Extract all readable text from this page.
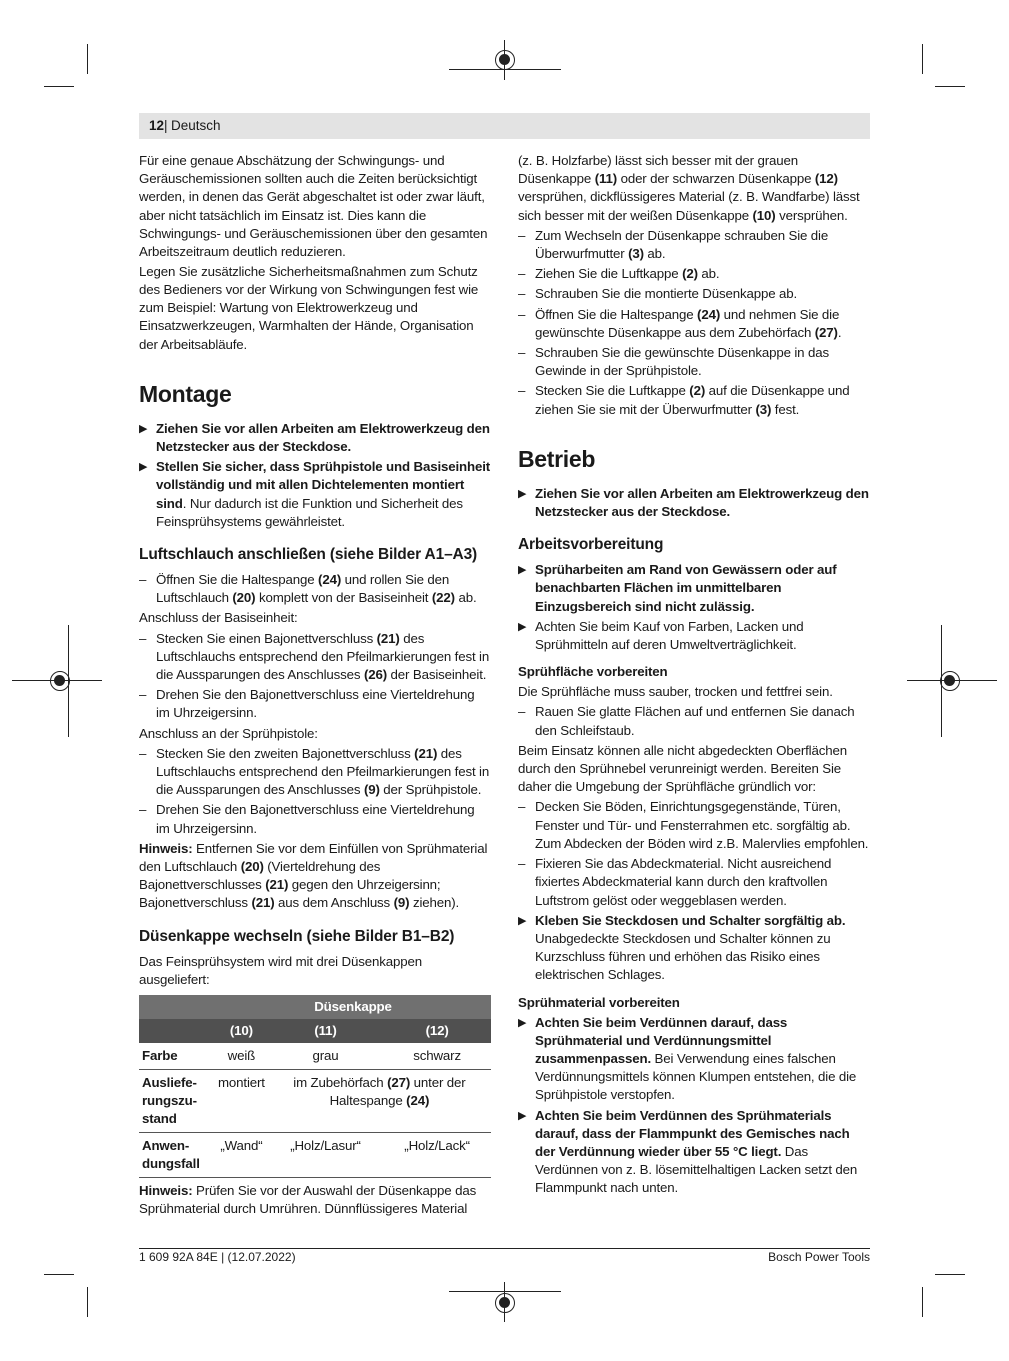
12 | Deutsch

Für eine genaue Abschätzung der Schwingungs- und Geräuschemissionen sollten auch die Zeiten berücksichtigt werden, in denen das Gerät abgeschaltet ist oder zwar läuft, aber nicht tatsächlich im Einsatz ist. Dies kann die Schwingungs- und Geräuschemissionen über den gesamten Arbeitszeitraum deutlich reduzieren.

Legen Sie zusätzliche Sicherheitsmaßnahmen zum Schutz des Bedieners vor der Wirkung von Schwingungen fest wie zum Beispiel: Wartung von Elektrowerkzeug und Einsatzwerkzeugen, Warmhalten der Hände, Organisation der Arbeitsabläufe.

Montage
▶ Ziehen Sie vor allen Arbeiten am Elektrowerkzeug den Netzstecker aus der Steckdose.
▶ Stellen Sie sicher, dass Sprühpistole und Basiseinheit vollständig und mit allen Dichtelementen montiert sind. Nur dadurch ist die Funktion und Sicherheit des Feinsprühsystems gewährleistet.
Luftschlauch anschließen (siehe Bilder A1–A3)
– Öffnen Sie die Haltespange (24) und rollen Sie den Luftschlauch (20) komplett von der Basiseinheit (22) ab.

Anschluss der Basiseinheit:

– Stecken Sie einen Bajonettverschluss (21) des Luftschlauchs entsprechend den Pfeilmarkierungen fest in die Aussparungen des Anschlusses (26) der Basiseinheit.
– Drehen Sie den Bajonettverschluss eine Vierteldrehung im Uhrzeigersinn.

Anschluss an der Sprühpistole:

– Stecken Sie den zweiten Bajonettverschluss (21) des Luftschlauchs entsprechend den Pfeilmarkierungen fest in die Aussparungen des Anschlusses (9) der Sprühpistole.
– Drehen Sie den Bajonettverschluss eine Vierteldrehung im Uhrzeigersinn.

Hinweis: Entfernen Sie vor dem Einfüllen von Sprühmaterial den Luftschlauch (20) (Vierteldrehung des Bajonettverschlusses (21) gegen den Uhrzeigersinn; Bajonettverschluss (21) aus dem Anschluss (9) ziehen).

Düsenkappe wechseln (siehe Bilder B1–B2)

Das Feinsprühsystem wird mit drei Düsenkappen ausgeliefert:

	Düsenkappe		
	(10)	(11)	(12)
Farbe	weiß	grau	schwarz
Auslieferungszustand	montiert	im Zubehörfach (27) unter der Haltespange (24)	
Anwendungsfall	„Wand“	„Holz/Lasur“	„Holz/Lack“

Hinweis: Prüfen Sie vor der Auswahl der Düsenkappe das Sprühmaterial durch Umrühren. Dünnflüssigeres Material

(z. B. Holzfarbe) lässt sich besser mit der grauen Düsenkappe (11) oder der schwarzen Düsenkappe (12) versprühen, dickflüssigeres Material (z. B. Wandfarbe) lässt sich besser mit der weißen Düsenkappe (10) versprühen.

– Zum Wechseln der Düsenkappe schrauben Sie die Überwurfmutter (3) ab.
– Ziehen Sie die Luftkappe (2) ab.
– Schrauben Sie die montierte Düsenkappe ab.
– Öffnen Sie die Haltespange (24) und nehmen Sie die gewünschte Düsenkappe aus dem Zubehörfach (27).
– Schrauben Sie die gewünschte Düsenkappe in das Gewinde in der Sprühpistole.
– Stecken Sie die Luftkappe (2) auf die Düsenkappe und ziehen Sie sie mit der Überwurfmutter (3) fest.
Betrieb
▶ Ziehen Sie vor allen Arbeiten am Elektrowerkzeug den Netzstecker aus der Steckdose.
Arbeitsvorbereitung
▶ Sprüharbeiten am Rand von Gewässern oder auf benachbarten Flächen im unmittelbaren Einzugsbereich sind nicht zulässig.
▶ Achten Sie beim Kauf von Farben, Lacken und Sprühmitteln auf deren Umweltverträglichkeit.
Sprühfläche vorbereiten

Die Sprühfläche muss sauber, trocken und fettfrei sein.

– Rauen Sie glatte Flächen auf und entfernen Sie danach den Schleifstaub.

Beim Einsatz können alle nicht abgedeckten Oberflächen durch den Sprühnebel verunreinigt werden. Bereiten Sie daher die Umgebung der Sprühfläche gründlich vor:

– Decken Sie Böden, Einrichtungsgegenstände, Türen, Fenster und Tür- und Fensterrahmen etc. sorgfältig ab. Zum Abdecken der Böden wird z.B. Malervlies empfohlen.
– Fixieren Sie das Abdeckmaterial. Nicht ausreichend fixiertes Abdeckmaterial kann durch den kraftvollen Luftstrom gelöst oder weggeblasen werden.
▶ Kleben Sie Steckdosen und Schalter sorgfältig ab. Unabgedeckte Steckdosen und Schalter können zu Kurzschluss führen und erhöhen das Risiko eines elektrischen Schlages.
Sprühmaterial vorbereiten
▶ Achten Sie beim Verdünnen darauf, dass Sprühmaterial und Verdünnungsmittel zusammenpassen. Bei Verwendung eines falschen Verdünnungsmittels können Klumpen entstehen, die die Sprühpistole verstopfen.
▶ Achten Sie beim Verdünnen des Sprühmaterials darauf, dass der Flammpunkt des Gemisches nach der Verdünnung wieder über 55 °C liegt. Das Verdünnen von z. B. lösemittelhaltigen Lacken setzt den Flammpunkt nach unten.
1 609 92A 84E | (12.07.2022)	Bosch Power Tools
